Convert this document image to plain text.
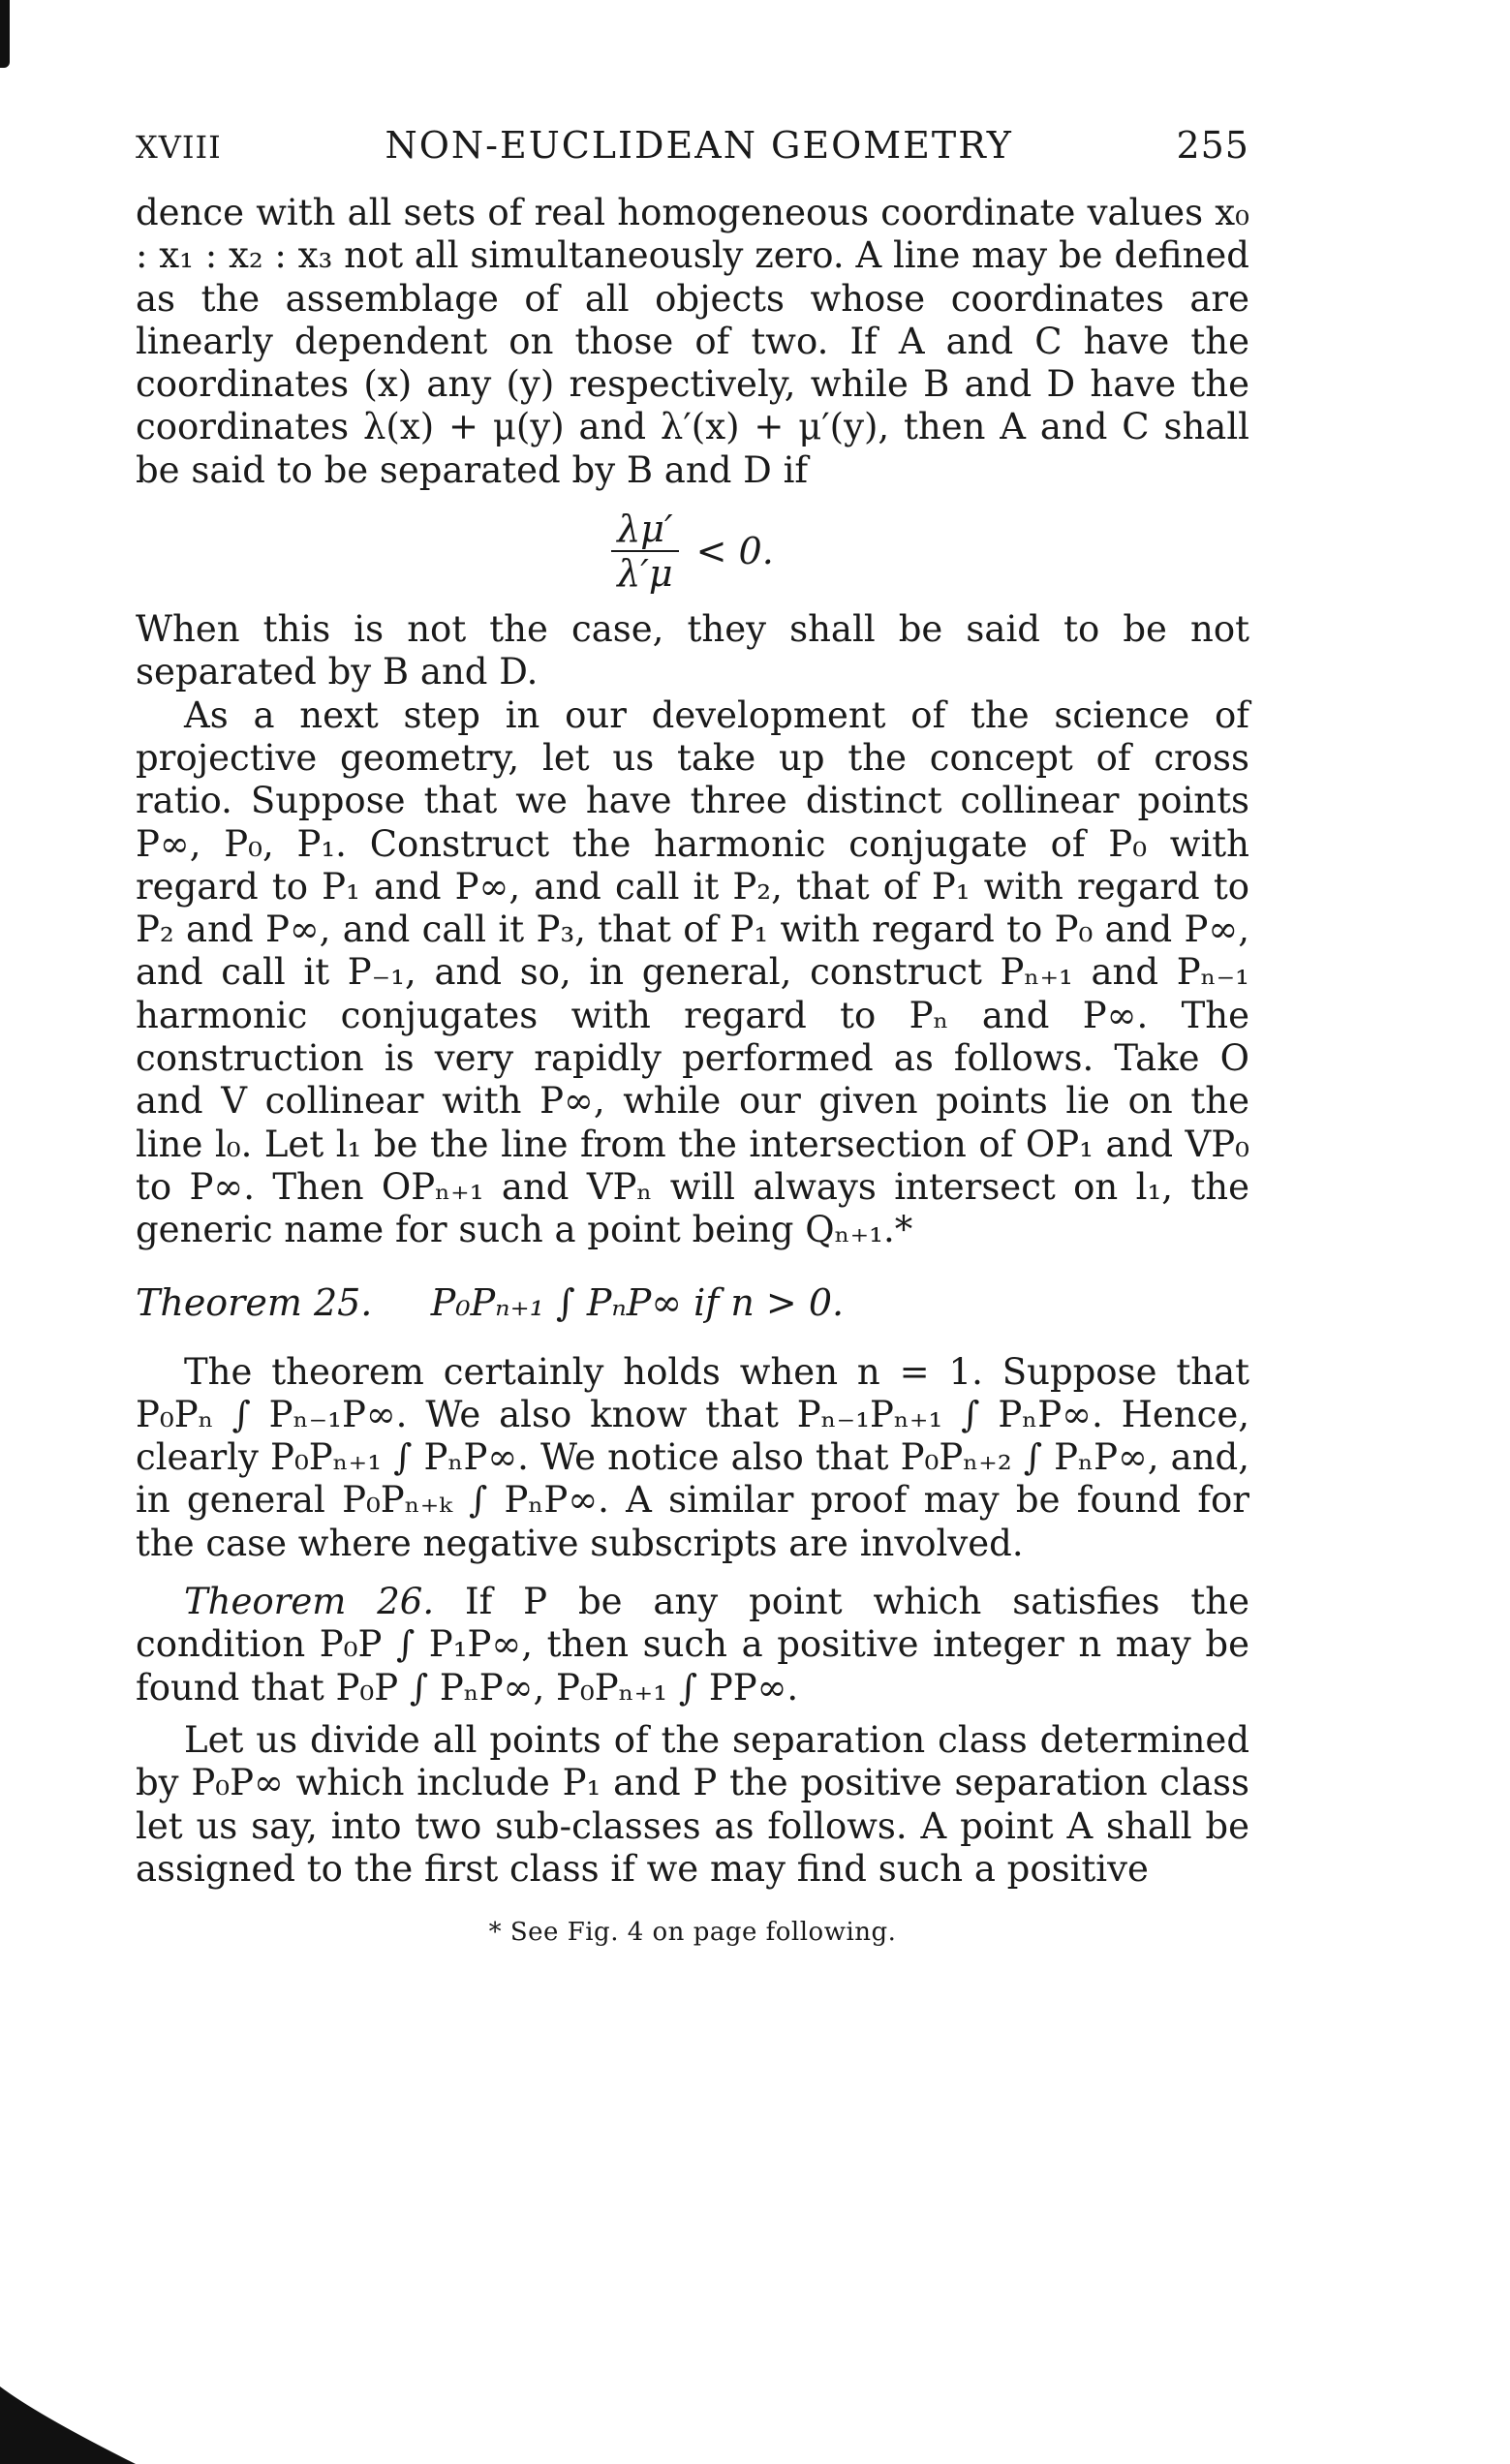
XVIII	NON-EUCLIDEAN GEOMETRY	255

dence with all sets of real homogeneous coordinate values x₀ : x₁ : x₂ : x₃ not all simultaneously zero. A line may be defined as the assemblage of all objects whose coordinates are linearly dependent on those of two. If A and C have the coordinates (x) any (y) respectively, while B and D have the coordinates λ(x) + μ(y) and λ′(x) + μ′(y), then A and C shall be said to be separated by B and D if

$\frac{\lambda\mu'}{\lambda'\mu} < 0$.

When this is not the case, they shall be said to be not separated by B and D.

As a next step in our development of the science of projective geometry, let us take up the concept of cross ratio. Suppose that we have three distinct collinear points P∞, P₀, P₁. Construct the harmonic conjugate of P₀ with regard to P₁ and P∞, and call it P₂, that of P₁ with regard to P₂ and P∞, and call it P₃, that of P₁ with regard to P₀ and P∞, and call it P₋₁, and so, in general, construct Pₙ₊₁ and Pₙ₋₁ harmonic conjugates with regard to Pₙ and P∞. The construction is very rapidly performed as follows. Take O and V collinear with P∞, while our given points lie on the line l₀. Let l₁ be the line from the intersection of OP₁ and VP₀ to P∞. Then OPₙ₊₁ and VPₙ will always intersect on l₁, the generic name for such a point being Qₙ₊₁.*

Theorem 25. P₀Pₙ₊₁ ∫ PₙP∞ if n > 0.

The theorem certainly holds when n = 1. Suppose that P₀Pₙ ∫ Pₙ₋₁P∞. We also know that Pₙ₋₁Pₙ₊₁ ∫ PₙP∞. Hence, clearly P₀Pₙ₊₁ ∫ PₙP∞. We notice also that P₀Pₙ₊₂ ∫ PₙP∞, and, in general P₀Pₙ₊ₖ ∫ PₙP∞. A similar proof may be found for the case where negative subscripts are involved.

Theorem 26. If P be any point which satisfies the condition P₀P ∫ P₁P∞, then such a positive integer n may be found that P₀P ∫ PₙP∞, P₀Pₙ₊₁ ∫ PP∞.

Let us divide all points of the separation class determined by P₀P∞ which include P₁ and P the positive separation class let us say, into two sub-classes as follows. A point A shall be assigned to the first class if we may find such a positive

* See Fig. 4 on page following.
